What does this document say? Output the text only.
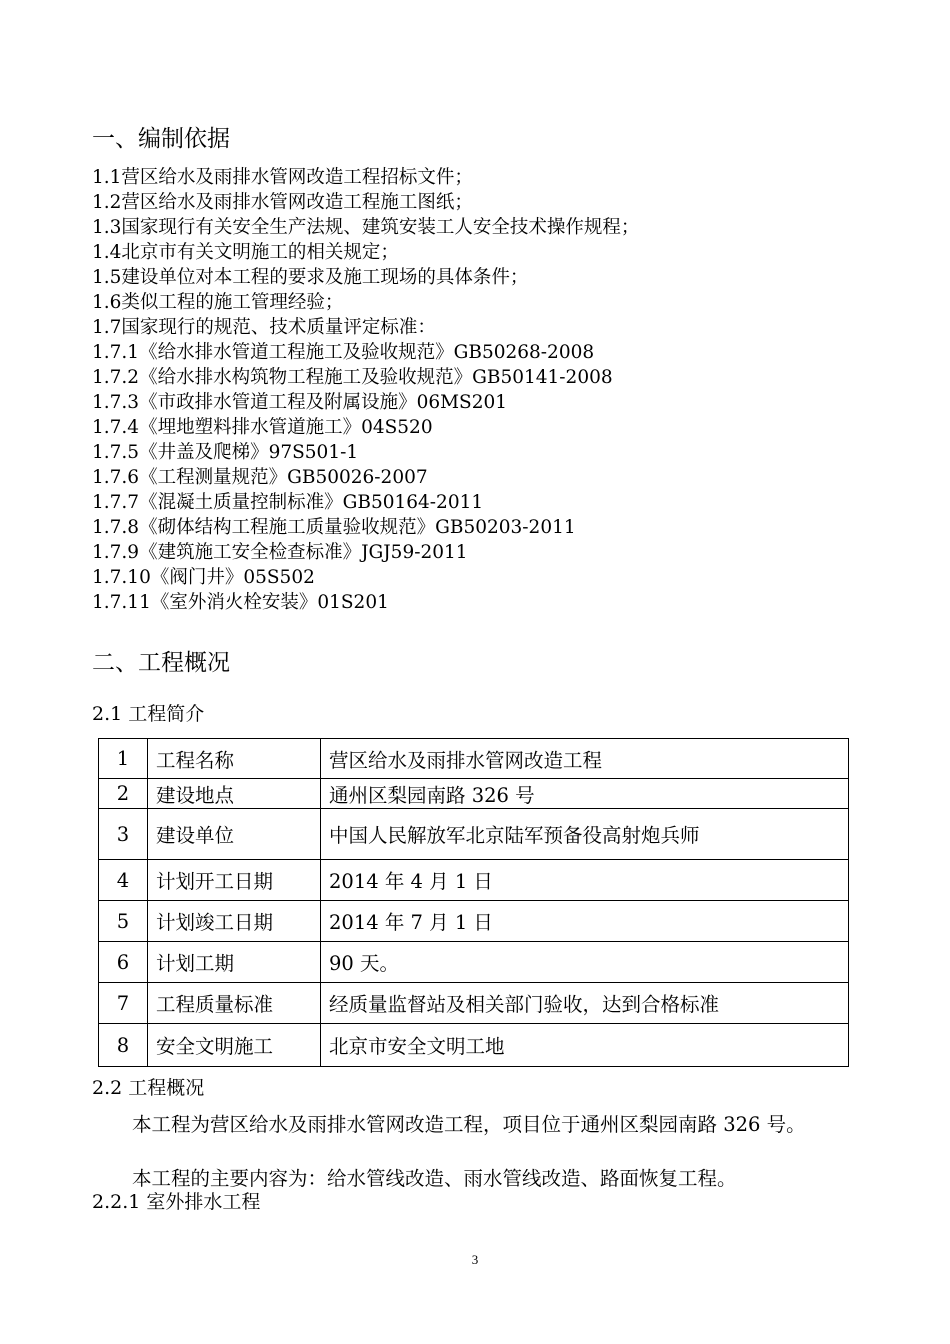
一、编制依据
1.1营区给水及雨排水管网改造工程招标文件；
1.2营区给水及雨排水管网改造工程施工图纸；
1.3国家现行有关安全生产法规、建筑安装工人安全技术操作规程；
1.4北京市有关文明施工的相关规定；
1.5建设单位对本工程的要求及施工现场的具体条件；
1.6类似工程的施工管理经验；
1.7国家现行的规范、技术质量评定标准：
1.7.1《给水排水管道工程施工及验收规范》GB50268-2008
1.7.2《给水排水构筑物工程施工及验收规范》GB50141-2008
1.7.3《市政排水管道工程及附属设施》06MS201
1.7.4《埋地塑料排水管道施工》04S520
1.7.5《井盖及爬梯》97S501-1
1.7.6《工程测量规范》GB50026-2007
1.7.7《混凝土质量控制标准》GB50164-2011
1.7.8《砌体结构工程施工质量验收规范》GB50203-2011
1.7.9《建筑施工安全检查标准》JGJ59-2011
1.7.10《阀门井》05S502
1.7.11《室外消火栓安装》01S201
二、工程概况
2.1 工程简介
1	工程名称	营区给水及雨排水管网改造工程
2	建设地点	通州区梨园南路 326 号
3	建设单位	中国人民解放军北京陆军预备役高射炮兵师
4	计划开工日期	2014 年 4 月 1 日
5	计划竣工日期	2014 年 7 月 1 日
6	计划工期	90 天。
7	工程质量标准	经质量监督站及相关部门验收，达到合格标准
8	安全文明施工	北京市安全文明工地
2.2 工程概况
本工程为营区给水及雨排水管网改造工程，项目位于通州区梨园南路 326 号。
本工程的主要内容为：给水管线改造、雨水管线改造、路面恢复工程。
2.2.1 室外排水工程
3
